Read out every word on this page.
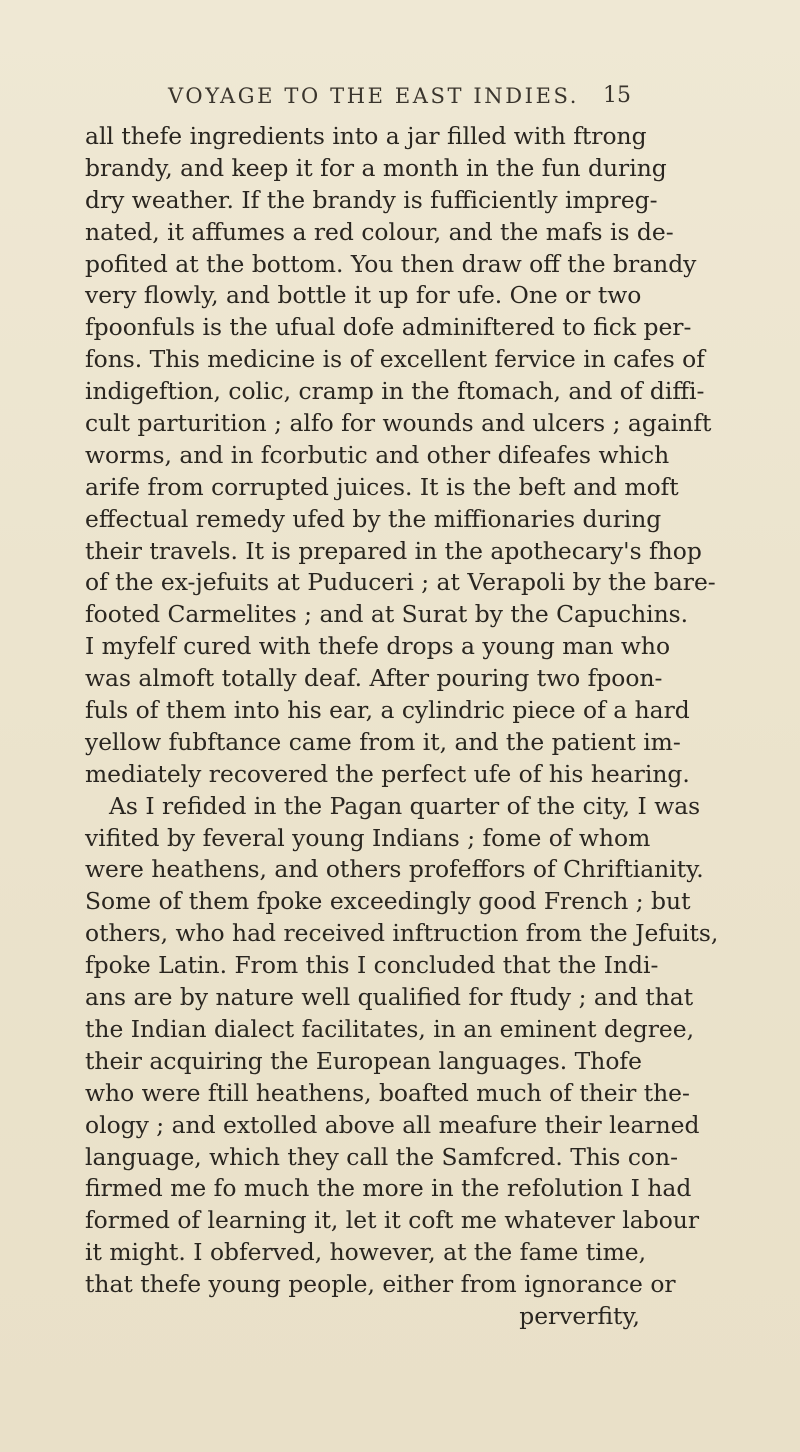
VOYAGE TO THE EAST INDIES. 15
all thefe ingredients into a jar filled with ftrong
brandy, and keep it for a month in the fun during
dry weather. If the brandy is fufficiently impreg-
nated, it affumes a red colour, and the mafs is de-
pofited at the bottom. You then draw off the brandy
very flowly, and bottle it up for ufe. One or two
fpoonfuls is the ufual dofe adminiftered to fick per-
fons. This medicine is of excellent fervice in cafes of
indigeftion, colic, cramp in the ftomach, and of diffi-
cult parturition ; alfo for wounds and ulcers ; againft
worms, and in fcorbutic and other difeafes which
arife from corrupted juices. It is the beft and moft
effectual remedy ufed by the miffionaries during
their travels. It is prepared in the apothecary's fhop
of the ex-jefuits at Puduceri ; at Verapoli by the bare-
footed Carmelites ; and at Surat by the Capuchins.
I myfelf cured with thefe drops a young man who
was almoft totally deaf. After pouring two fpoon-
fuls of them into his ear, a cylindric piece of a hard
yellow fubftance came from it, and the patient im-
mediately recovered the perfect ufe of his hearing.
As I refided in the Pagan quarter of the city, I was
vifited by feveral young Indians ; fome of whom
were heathens, and others profeffors of Chriftianity.
Some of them fpoke exceedingly good French ; but
others, who had received inftruction from the Jefuits,
fpoke Latin. From this I concluded that the Indi-
ans are by nature well qualified for ftudy ; and that
the Indian dialect facilitates, in an eminent degree,
their acquiring the European languages. Thofe
who were ftill heathens, boafted much of their the-
ology ; and extolled above all meafure their learned
language, which they call the Samfcred. This con-
firmed me fo much the more in the refolution I had
formed of learning it, let it coft me whatever labour
it might. I obferved, however, at the fame time,
that thefe young people, either from ignorance or
perverfity,
